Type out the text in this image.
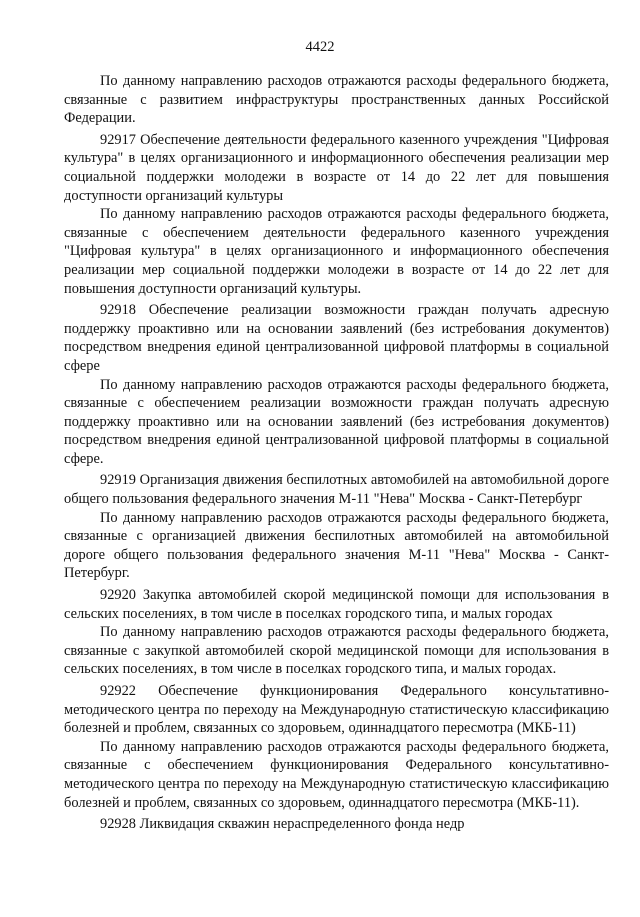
4422

По данному направлению расходов отражаются расходы федерального бюджета, связанные с развитием инфраструктуры пространственных данных Российской Федерации.

92917 Обеспечение деятельности федерального казенного учреждения "Цифровая культура" в целях организационного и информационного обеспечения реализации мер социальной поддержки молодежи в возрасте от 14 до 22 лет для повышения доступности организаций культуры

По данному направлению расходов отражаются расходы федерального бюджета, связанные с обеспечением деятельности федерального казенного учреждения "Цифровая культура" в целях организационного и информационного обеспечения реализации мер социальной поддержки молодежи в возрасте от 14 до 22 лет для повышения доступности организаций культуры.

92918 Обеспечение реализации возможности граждан получать адресную поддержку проактивно или на основании заявлений (без истребования документов) посредством внедрения единой централизованной цифровой платформы в социальной сфере

По данному направлению расходов отражаются расходы федерального бюджета, связанные с обеспечением реализации возможности граждан получать адресную поддержку проактивно или на основании заявлений (без истребования документов) посредством внедрения единой централизованной цифровой платформы в социальной сфере.

92919 Организация движения беспилотных автомобилей на автомобильной дороге общего пользования федерального значения М-11 "Нева" Москва - Санкт-Петербург

По данному направлению расходов отражаются расходы федерального бюджета, связанные с организацией движения беспилотных автомобилей на автомобильной дороге общего пользования федерального значения М-11 "Нева" Москва - Санкт-Петербург.

92920 Закупка автомобилей скорой медицинской помощи для использования в сельских поселениях, в том числе в поселках городского типа, и малых городах

По данному направлению расходов отражаются расходы федерального бюджета, связанные с закупкой автомобилей скорой медицинской помощи для использования в сельских поселениях, в том числе в поселках городского типа, и малых городах.

92922 Обеспечение функционирования Федерального консультативно-методического центра по переходу на Международную статистическую классификацию болезней и проблем, связанных со здоровьем, одиннадцатого пересмотра (МКБ-11)

По данному направлению расходов отражаются расходы федерального бюджета, связанные с обеспечением функционирования Федерального консультативно-методического центра по переходу на Международную статистическую классификацию болезней и проблем, связанных со здоровьем, одиннадцатого пересмотра (МКБ-11).

92928 Ликвидация скважин нераспределенного фонда недр
